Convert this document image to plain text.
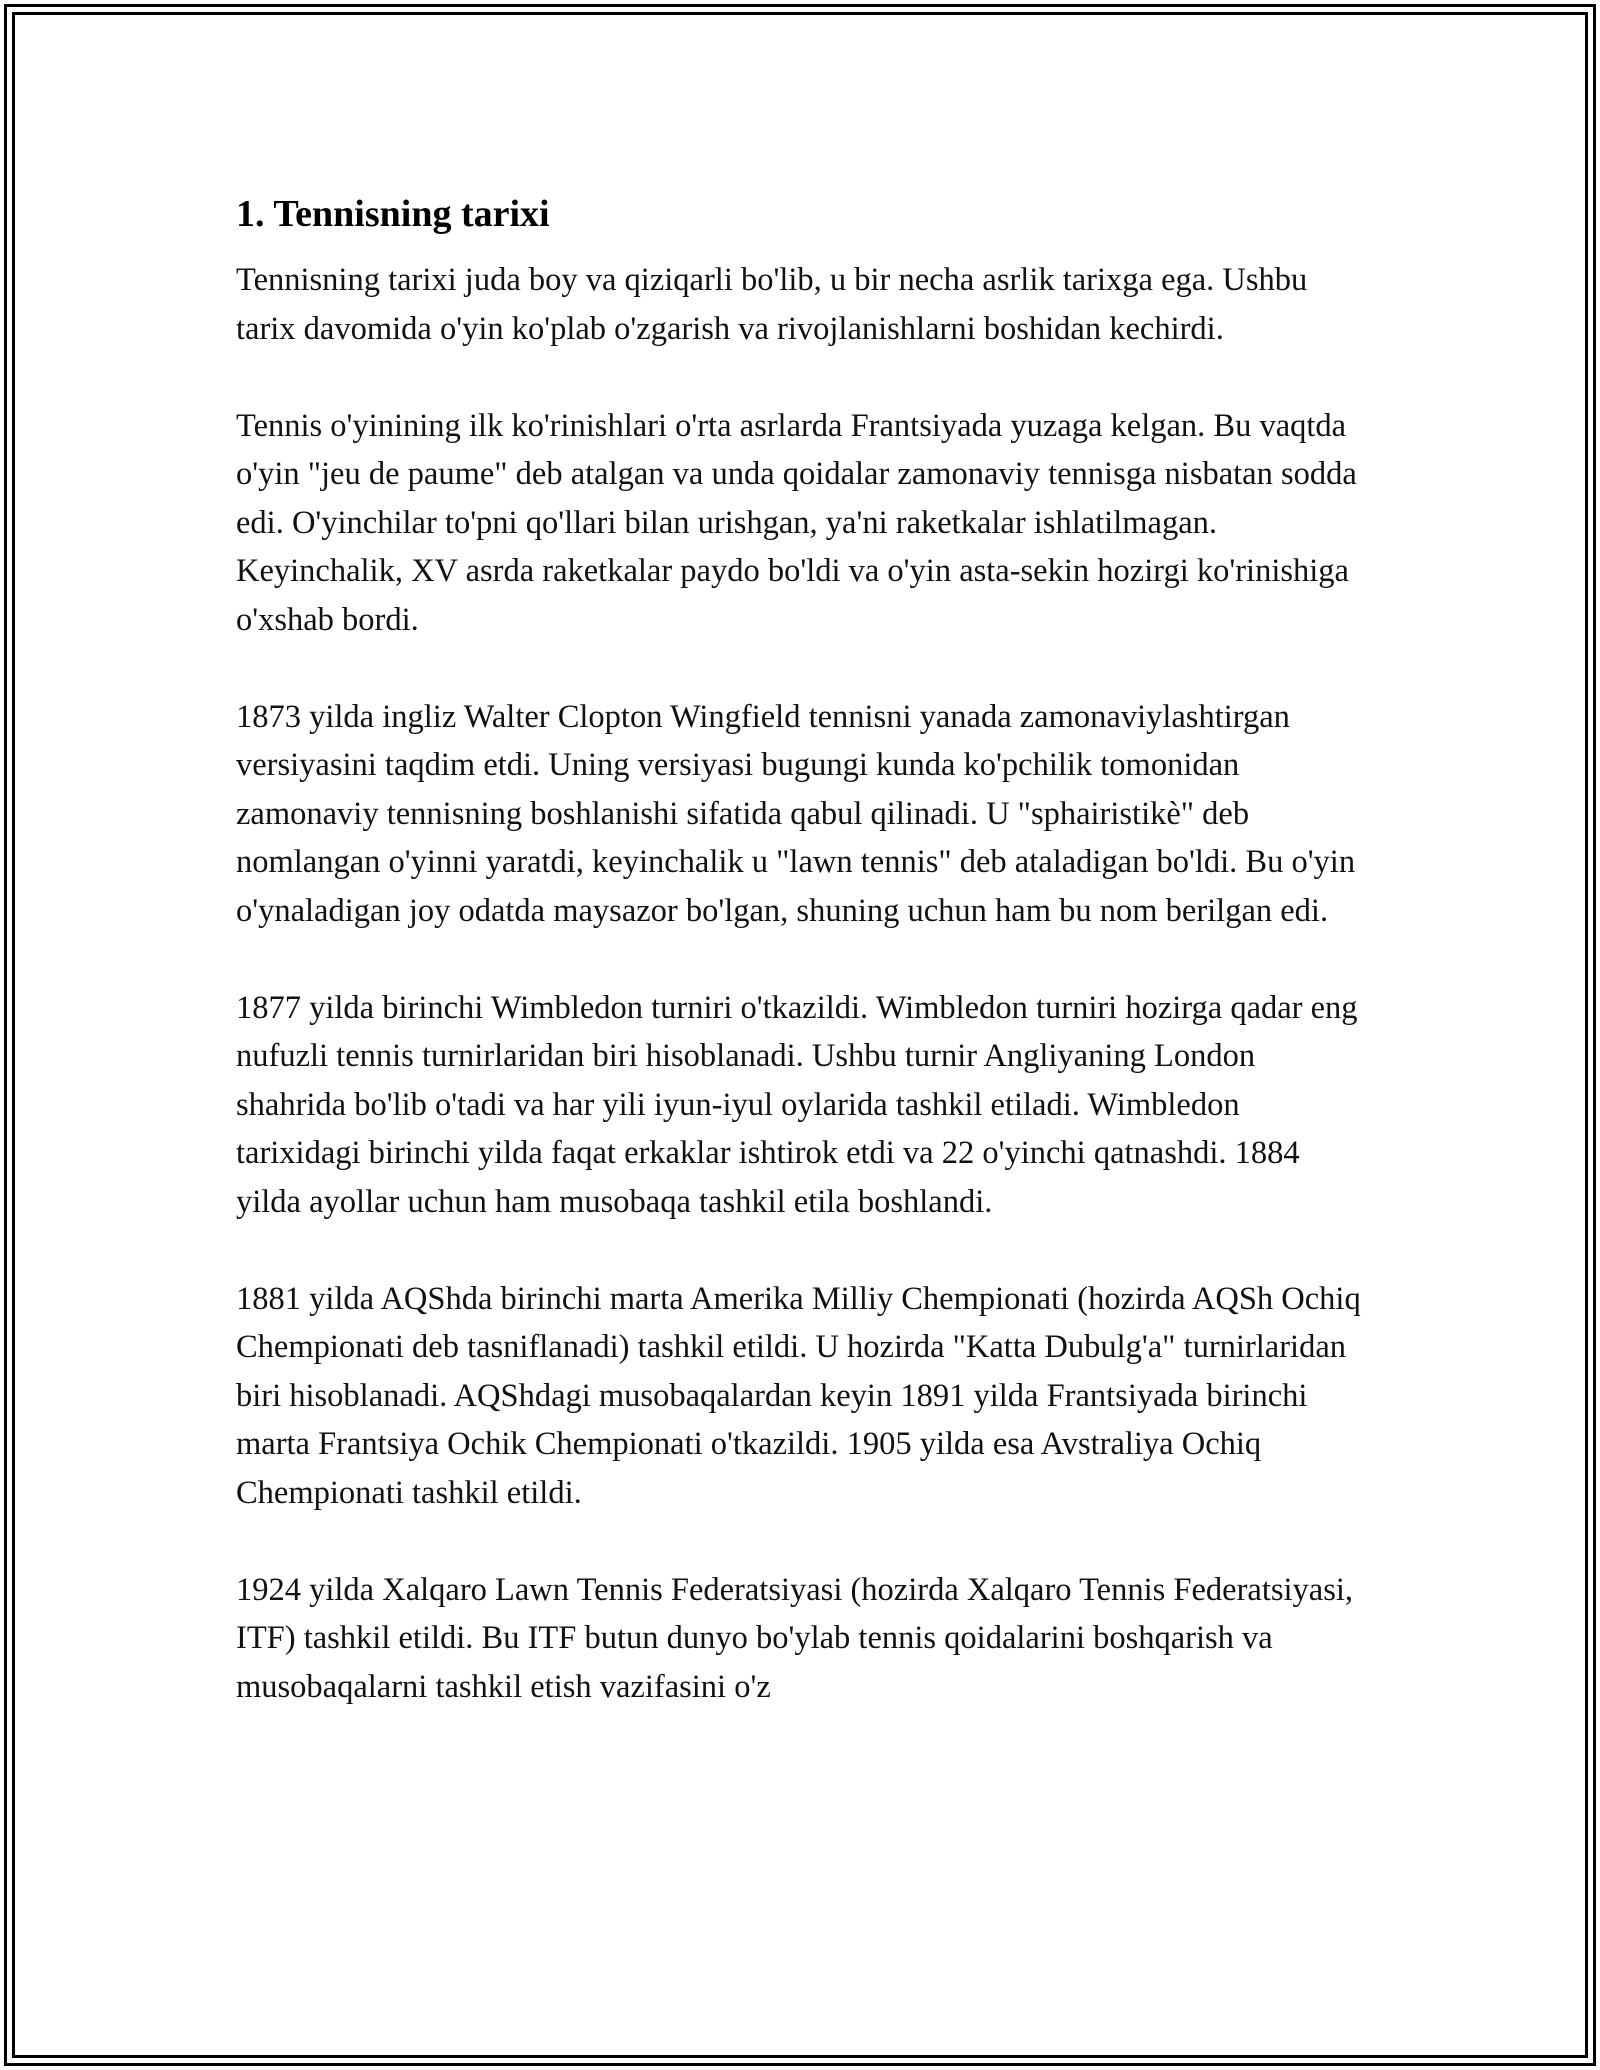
1. Tennisning tarixi

Tennisning tarixi juda boy va qiziqarli bo'lib, u bir necha asrlik tarixga ega. Ushbu tarix davomida o'yin ko'plab o'zgarish va rivojlanishlarni boshidan kechirdi.

Tennis o'yinining ilk ko'rinishlari o'rta asrlarda Frantsiyada yuzaga kelgan. Bu vaqtda o'yin "jeu de paume" deb atalgan va unda qoidalar zamonaviy tennisga nisbatan sodda edi. O'yinchilar to'pni qo'llari bilan urishgan, ya'ni raketkalar ishlatilmagan. Keyinchalik, XV asrda raketkalar paydo bo'ldi va o'yin asta-sekin hozirgi ko'rinishiga o'xshab bordi.

1873 yilda ingliz Walter Clopton Wingfield tennisni yanada zamonaviylashtirgan versiyasini taqdim etdi. Uning versiyasi bugungi kunda ko'pchilik tomonidan zamonaviy tennisning boshlanishi sifatida qabul qilinadi. U "sphairistikè" deb nomlangan o'yinni yaratdi, keyinchalik u "lawn tennis" deb ataladigan bo'ldi. Bu o'yin o'ynaladigan joy odatda maysazor bo'lgan, shuning uchun ham bu nom berilgan edi.

1877 yilda birinchi Wimbledon turniri o'tkazildi. Wimbledon turniri hozirga qadar eng nufuzli tennis turnirlaridan biri hisoblanadi. Ushbu turnir Angliyaning London shahrida bo'lib o'tadi va har yili iyun-iyul oylarida tashkil etiladi. Wimbledon tarixidagi birinchi yilda faqat erkaklar ishtirok etdi va 22 o'yinchi qatnashdi. 1884 yilda ayollar uchun ham musobaqa tashkil etila boshlandi.

1881 yilda AQShda birinchi marta Amerika Milliy Chempionati (hozirda AQSh Ochiq Chempionati deb tasniflanadi) tashkil etildi. U hozirda "Katta Dubulg'a" turnirlaridan biri hisoblanadi. AQShdagi musobaqalardan keyin 1891 yilda Frantsiyada birinchi marta Frantsiya Ochik Chempionati o'tkazildi. 1905 yilda esa Avstraliya Ochiq Chempionati tashkil etildi.

1924 yilda Xalqaro Lawn Tennis Federatsiyasi (hozirda Xalqaro Tennis Federatsiyasi, ITF) tashkil etildi. Bu ITF butun dunyo bo'ylab tennis qoidalarini boshqarish va musobaqalarni tashkil etish vazifasini o'z
